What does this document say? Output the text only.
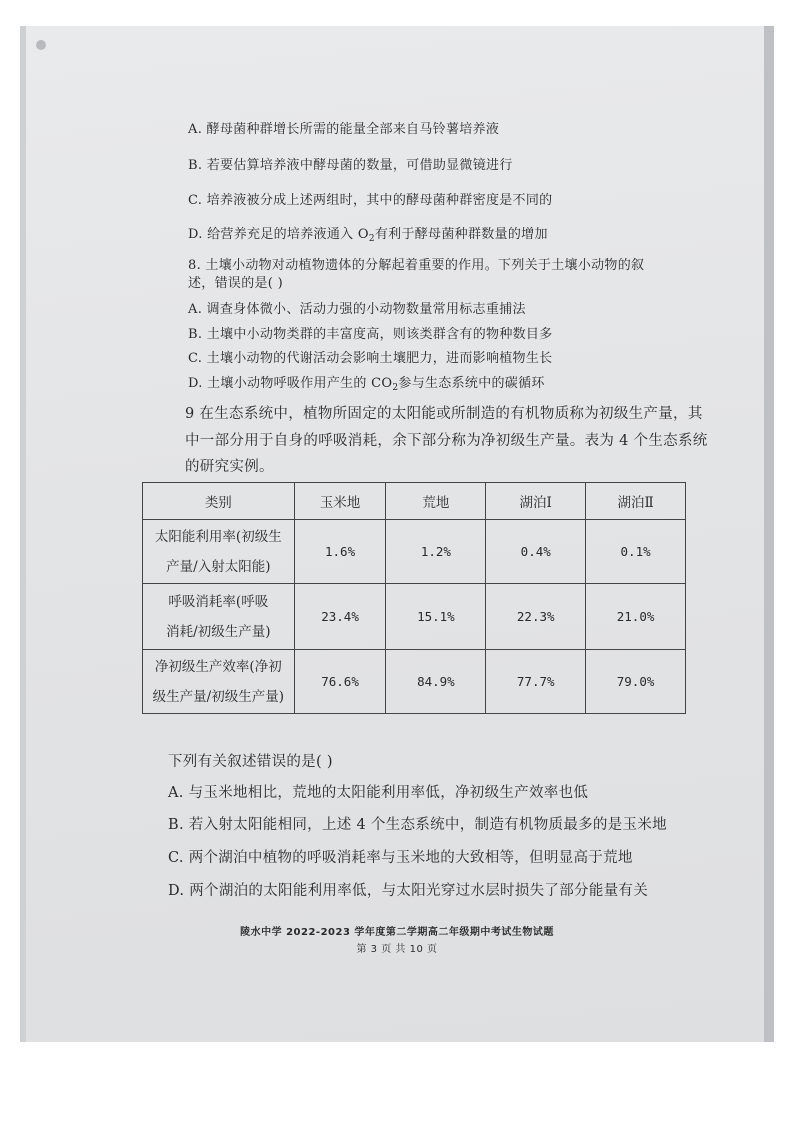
A. 酵母菌种群增长所需的能量全部来自马铃薯培养液
B. 若要估算培养液中酵母菌的数量，可借助显微镜进行
C. 培养液被分成上述两组时，其中的酵母菌种群密度是不同的
D. 给营养充足的培养液通入 $O_2$有利于酵母菌种群数量的增加
8. 土壤小动物对动植物遗体的分解起着重要的作用。下列关于土壤小动物的叙
述，错误的是( )
A. 调查身体微小、活动力强的小动物数量常用标志重捕法
B. 土壤中小动物类群的丰富度高，则该类群含有的物种数目多
C. 土壤小动物的代谢活动会影响土壤肥力，进而影响植物生长
D. 土壤小动物呼吸作用产生的 $CO_2$参与生态系统中的碳循环
9 在生态系统中，植物所固定的太阳能或所制造的有机物质称为初级生产量，其
中一部分用于自身的呼吸消耗，余下部分称为净初级生产量。表为 4 个生态系统
的研究实例。
类别	玉米地	荒地	湖泊Ⅰ	湖泊Ⅱ
太阳能利用率(初级生
产量/入射太阳能)	1.6%	1.2%	0.4%	0.1%
呼吸消耗率(呼吸
消耗/初级生产量)	23.4%	15.1%	22.3%	21.0%
净初级生产效率(净初
级生产量/初级生产量)	76.6%	84.9%	77.7%	79.0%
下列有关叙述错误的是( )
A. 与玉米地相比，荒地的太阳能利用率低，净初级生产效率也低
B. 若入射太阳能相同，上述 4 个生态系统中，制造有机物质最多的是玉米地
C. 两个湖泊中植物的呼吸消耗率与玉米地的大致相等，但明显高于荒地
D. 两个湖泊的太阳能利用率低，与太阳光穿过水层时损失了部分能量有关
陵水中学 2022-2023 学年度第二学期高二年级期中考试生物试题
第 3 页 共 10 页
